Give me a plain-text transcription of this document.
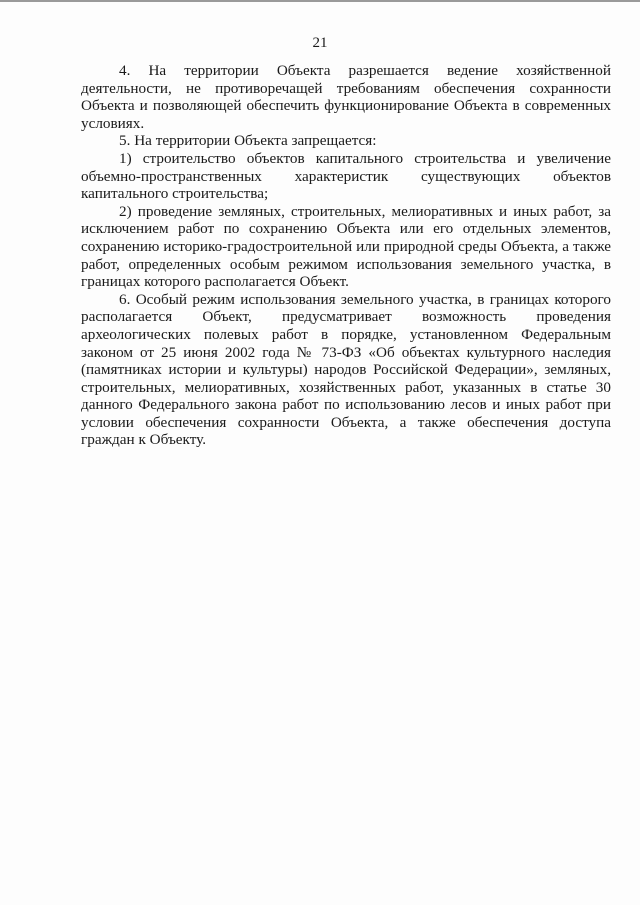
21

4. На территории Объекта разрешается ведение хозяйственной деятельности, не противоречащей требованиям обеспечения сохранности Объекта и позволяющей обеспечить функционирование Объекта в современных условиях.

5. На территории Объекта запрещается:

1) строительство объектов капитального строительства и увеличение объемно-пространственных характеристик существующих объектов капитального строительства;

2) проведение земляных, строительных, мелиоративных и иных работ, за исключением работ по сохранению Объекта или его отдельных элементов, сохранению историко-градостроительной или природной среды Объекта, а также работ, определенных особым режимом использования земельного участка, в границах которого располагается Объект.

6. Особый режим использования земельного участка, в границах которого располагается Объект, предусматривает возможность проведения археологических полевых работ в порядке, установленном Федеральным законом от 25 июня 2002 года № 73-ФЗ «Об объектах культурного наследия (памятниках истории и культуры) народов Российской Федерации», земляных, строительных, мелиоративных, хозяйственных работ, указанных в статье 30 данного Федерального закона работ по использованию лесов и иных работ при условии обеспечения сохранности Объекта, а также обеспечения доступа граждан к Объекту.
